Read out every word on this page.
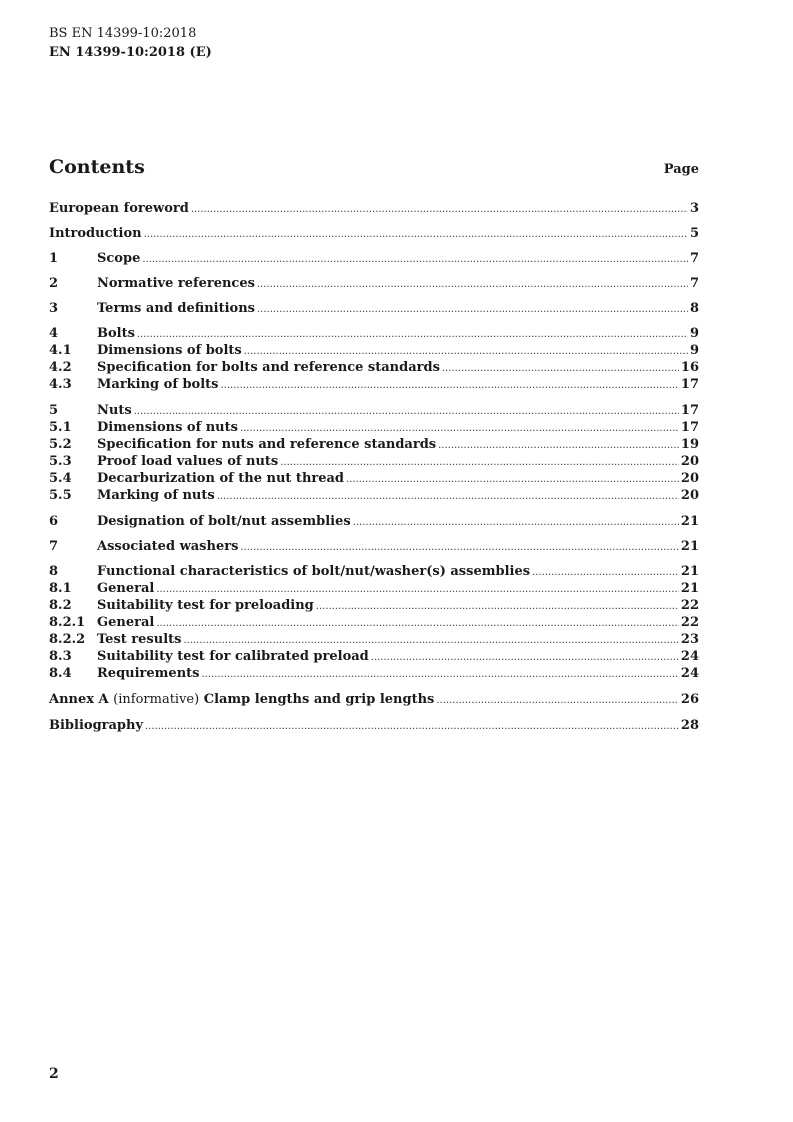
BS EN 14399-10:2018
EN 14399-10:2018 (E)
Contents	Page
European foreword .....	3
Introduction .....	5
1	Scope .....	7
2	Normative references .....	7
3	Terms and definitions .....	8
4	Bolts .....	9
4.1	Dimensions of bolts .....	9
4.2	Specification for bolts and reference standards .....	16
4.3	Marking of bolts .....	17
5	Nuts .....	17
5.1	Dimensions of nuts .....	17
5.2	Specification for nuts and reference standards .....	19
5.3	Proof load values of nuts .....	20
5.4	Decarburization of the nut thread .....	20
5.5	Marking of nuts .....	20
6	Designation of bolt/nut assemblies .....	21
7	Associated washers .....	21
8	Functional characteristics of bolt/nut/washer(s) assemblies .....	21
8.1	General .....	21
8.2	Suitability test for preloading .....	22
8.2.1 General .....	22
8.2.2 Test results .....	23
8.3	Suitability test for calibrated preload .....	24
8.4	Requirements .....	24
Annex A (informative) Clamp lengths and grip lengths .....	26
Bibliography .....	28
2
